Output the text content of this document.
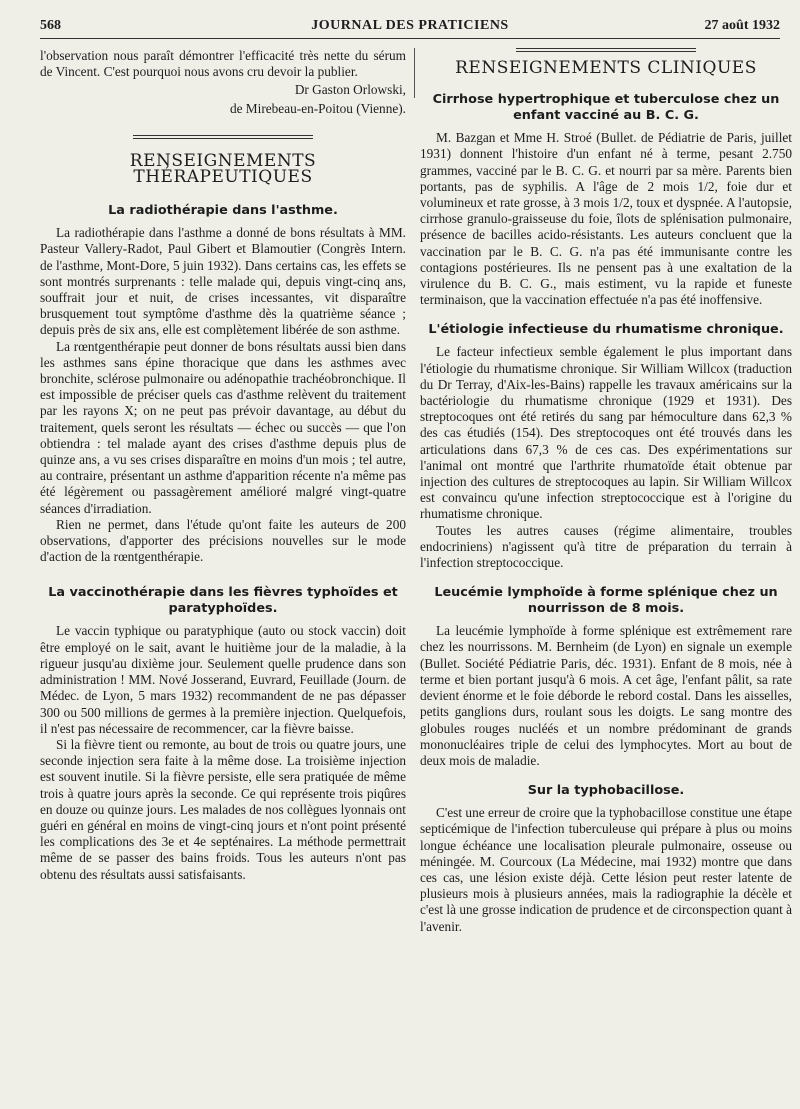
568	JOURNAL DES PRATICIENS	27 août 1932

l'observation nous paraît démontrer l'efficacité très nette du sérum de Vincent. C'est pourquoi nous avons cru devoir la publier.

Dr Gaston Orlowski,

de Mirebeau-en-Poitou (Vienne).

RENSEIGNEMENTS THÉRAPEUTIQUES
La radiothérapie dans l'asthme.

La radiothérapie dans l'asthme a donné de bons résultats à MM. Pasteur Vallery-Radot, Paul Gibert et Blamoutier (Congrès Intern. de l'asthme, Mont-Dore, 5 juin 1932). Dans certains cas, les effets se sont montrés surprenants : telle malade qui, depuis vingt-cinq ans, souffrait jour et nuit, de crises incessantes, vit disparaître brusquement tout symptôme d'asthme dès la quatrième séance ; depuis près de six ans, elle est complètement libérée de son asthme.

La rœntgenthérapie peut donner de bons résultats aussi bien dans les asthmes sans épine thoracique que dans les asthmes avec bronchite, sclérose pulmonaire ou adénopathie trachéobronchique. Il est impossible de préciser quels cas d'asthme relèvent du traitement par les rayons X; on ne peut pas prévoir davantage, au début du traitement, quels seront les résultats — échec ou succès — que l'on obtiendra : tel malade ayant des crises d'asthme depuis plus de quinze ans, a vu ses crises disparaître en moins d'un mois ; tel autre, au contraire, présentant un asthme d'apparition récente n'a même pas été légèrement ou passagèrement amélioré malgré vingt-quatre séances d'irradiation.

Rien ne permet, dans l'étude qu'ont faite les auteurs de 200 observations, d'apporter des précisions nouvelles sur le mode d'action de la rœntgenthérapie.

La vaccinothérapie dans les fièvres typhoïdes et paratyphoïdes.

Le vaccin typhique ou paratyphique (auto ou stock vaccin) doit être employé on le sait, avant le huitième jour de la maladie, à la rigueur jusqu'au dixième jour. Seulement quelle prudence dans son administration ! MM. Nové Josserand, Euvrard, Feuillade (Journ. de Médec. de Lyon, 5 mars 1932) recommandent de ne pas dépasser 300 ou 500 millions de germes à la première injection. Quelquefois, il n'est pas nécessaire de recommencer, car la fièvre baisse.

Si la fièvre tient ou remonte, au bout de trois ou quatre jours, une seconde injection sera faite à la même dose. La troisième injection est souvent inutile. Si la fièvre persiste, elle sera pratiquée de même trois à quatre jours après la seconde. Ce qui représente trois piqûres en douze ou quinze jours. Les malades de nos collègues lyonnais ont guéri en général en moins de vingt-cinq jours et n'ont point présenté les complications des 3e et 4e septénaires. La méthode permettrait même de se passer des bains froids. Tous les auteurs n'ont pas obtenu des résultats aussi satisfaisants.

RENSEIGNEMENTS CLINIQUES
Cirrhose hypertrophique et tuberculose chez un enfant vacciné au B. C. G.

M. Bazgan et Mme H. Stroé (Bullet. de Pédiatrie de Paris, juillet 1931) donnent l'histoire d'un enfant né à terme, pesant 2.750 grammes, vacciné par le B. C. G. et nourri par sa mère. Parents bien portants, pas de syphilis. A l'âge de 2 mois 1/2, foie dur et volumineux et rate grosse, à 3 mois 1/2, toux et dyspnée. A l'autopsie, cirrhose granulo-graisseuse du foie, îlots de splénisation pulmonaire, présence de bacilles acido-résistants. Les auteurs concluent que la vaccination par le B. C. G. n'a pas été immunisante contre les contagions postérieures. Ils ne pensent pas à une exaltation de la virulence du B. C. G., mais estiment, vu la rapide et funeste terminaison, que la vaccination effectuée n'a pas été inoffensive.

L'étiologie infectieuse du rhumatisme chronique.

Le facteur infectieux semble également le plus important dans l'étiologie du rhumatisme chronique. Sir William Willcox (traduction du Dr Terray, d'Aix-les-Bains) rappelle les travaux américains sur la bactériologie du rhumatisme chronique (1929 et 1931). Des streptocoques ont été retirés du sang par hémoculture dans 62,3 % des cas étudiés (154). Des streptocoques ont été trouvés dans les articulations dans 67,3 % de ces cas. Des expérimentations sur l'animal ont montré que l'arthrite rhumatoïde était obtenue par injection des cultures de streptocoques au lapin. Sir William Willcox est convaincu qu'une infection streptococcique est à l'origine du rhumatisme chronique.

Toutes les autres causes (régime alimentaire, troubles endocriniens) n'agissent qu'à titre de préparation du terrain à l'infection streptococcique.

Leucémie lymphoïde à forme splénique chez un nourrisson de 8 mois.

La leucémie lymphoïde à forme splénique est extrêmement rare chez les nourrissons. M. Bernheim (de Lyon) en signale un exemple (Bullet. Société Pédiatrie Paris, déc. 1931). Enfant de 8 mois, née à terme et bien portant jusqu'à 6 mois. A cet âge, l'enfant pâlit, sa rate devient énorme et le foie déborde le rebord costal. Dans les aisselles, petits ganglions durs, roulant sous les doigts. Le sang montre des globules rouges nucléés et un nombre prédominant de grands mononucléaires triple de celui des lymphocytes. Mort au bout de deux mois de maladie.

Sur la typhobacillose.

C'est une erreur de croire que la typhobacillose constitue une étape septicémique de l'infection tuberculeuse qui prépare à plus ou moins longue échéance une localisation pleurale pulmonaire, osseuse ou méningée. M. Courcoux (La Médecine, mai 1932) montre que dans ces cas, une lésion existe déjà. Cette lésion peut rester latente de plusieurs mois à plusieurs années, mais la radiographie la décèle et c'est là une grosse indication de prudence et de circonspection quant à l'avenir.
